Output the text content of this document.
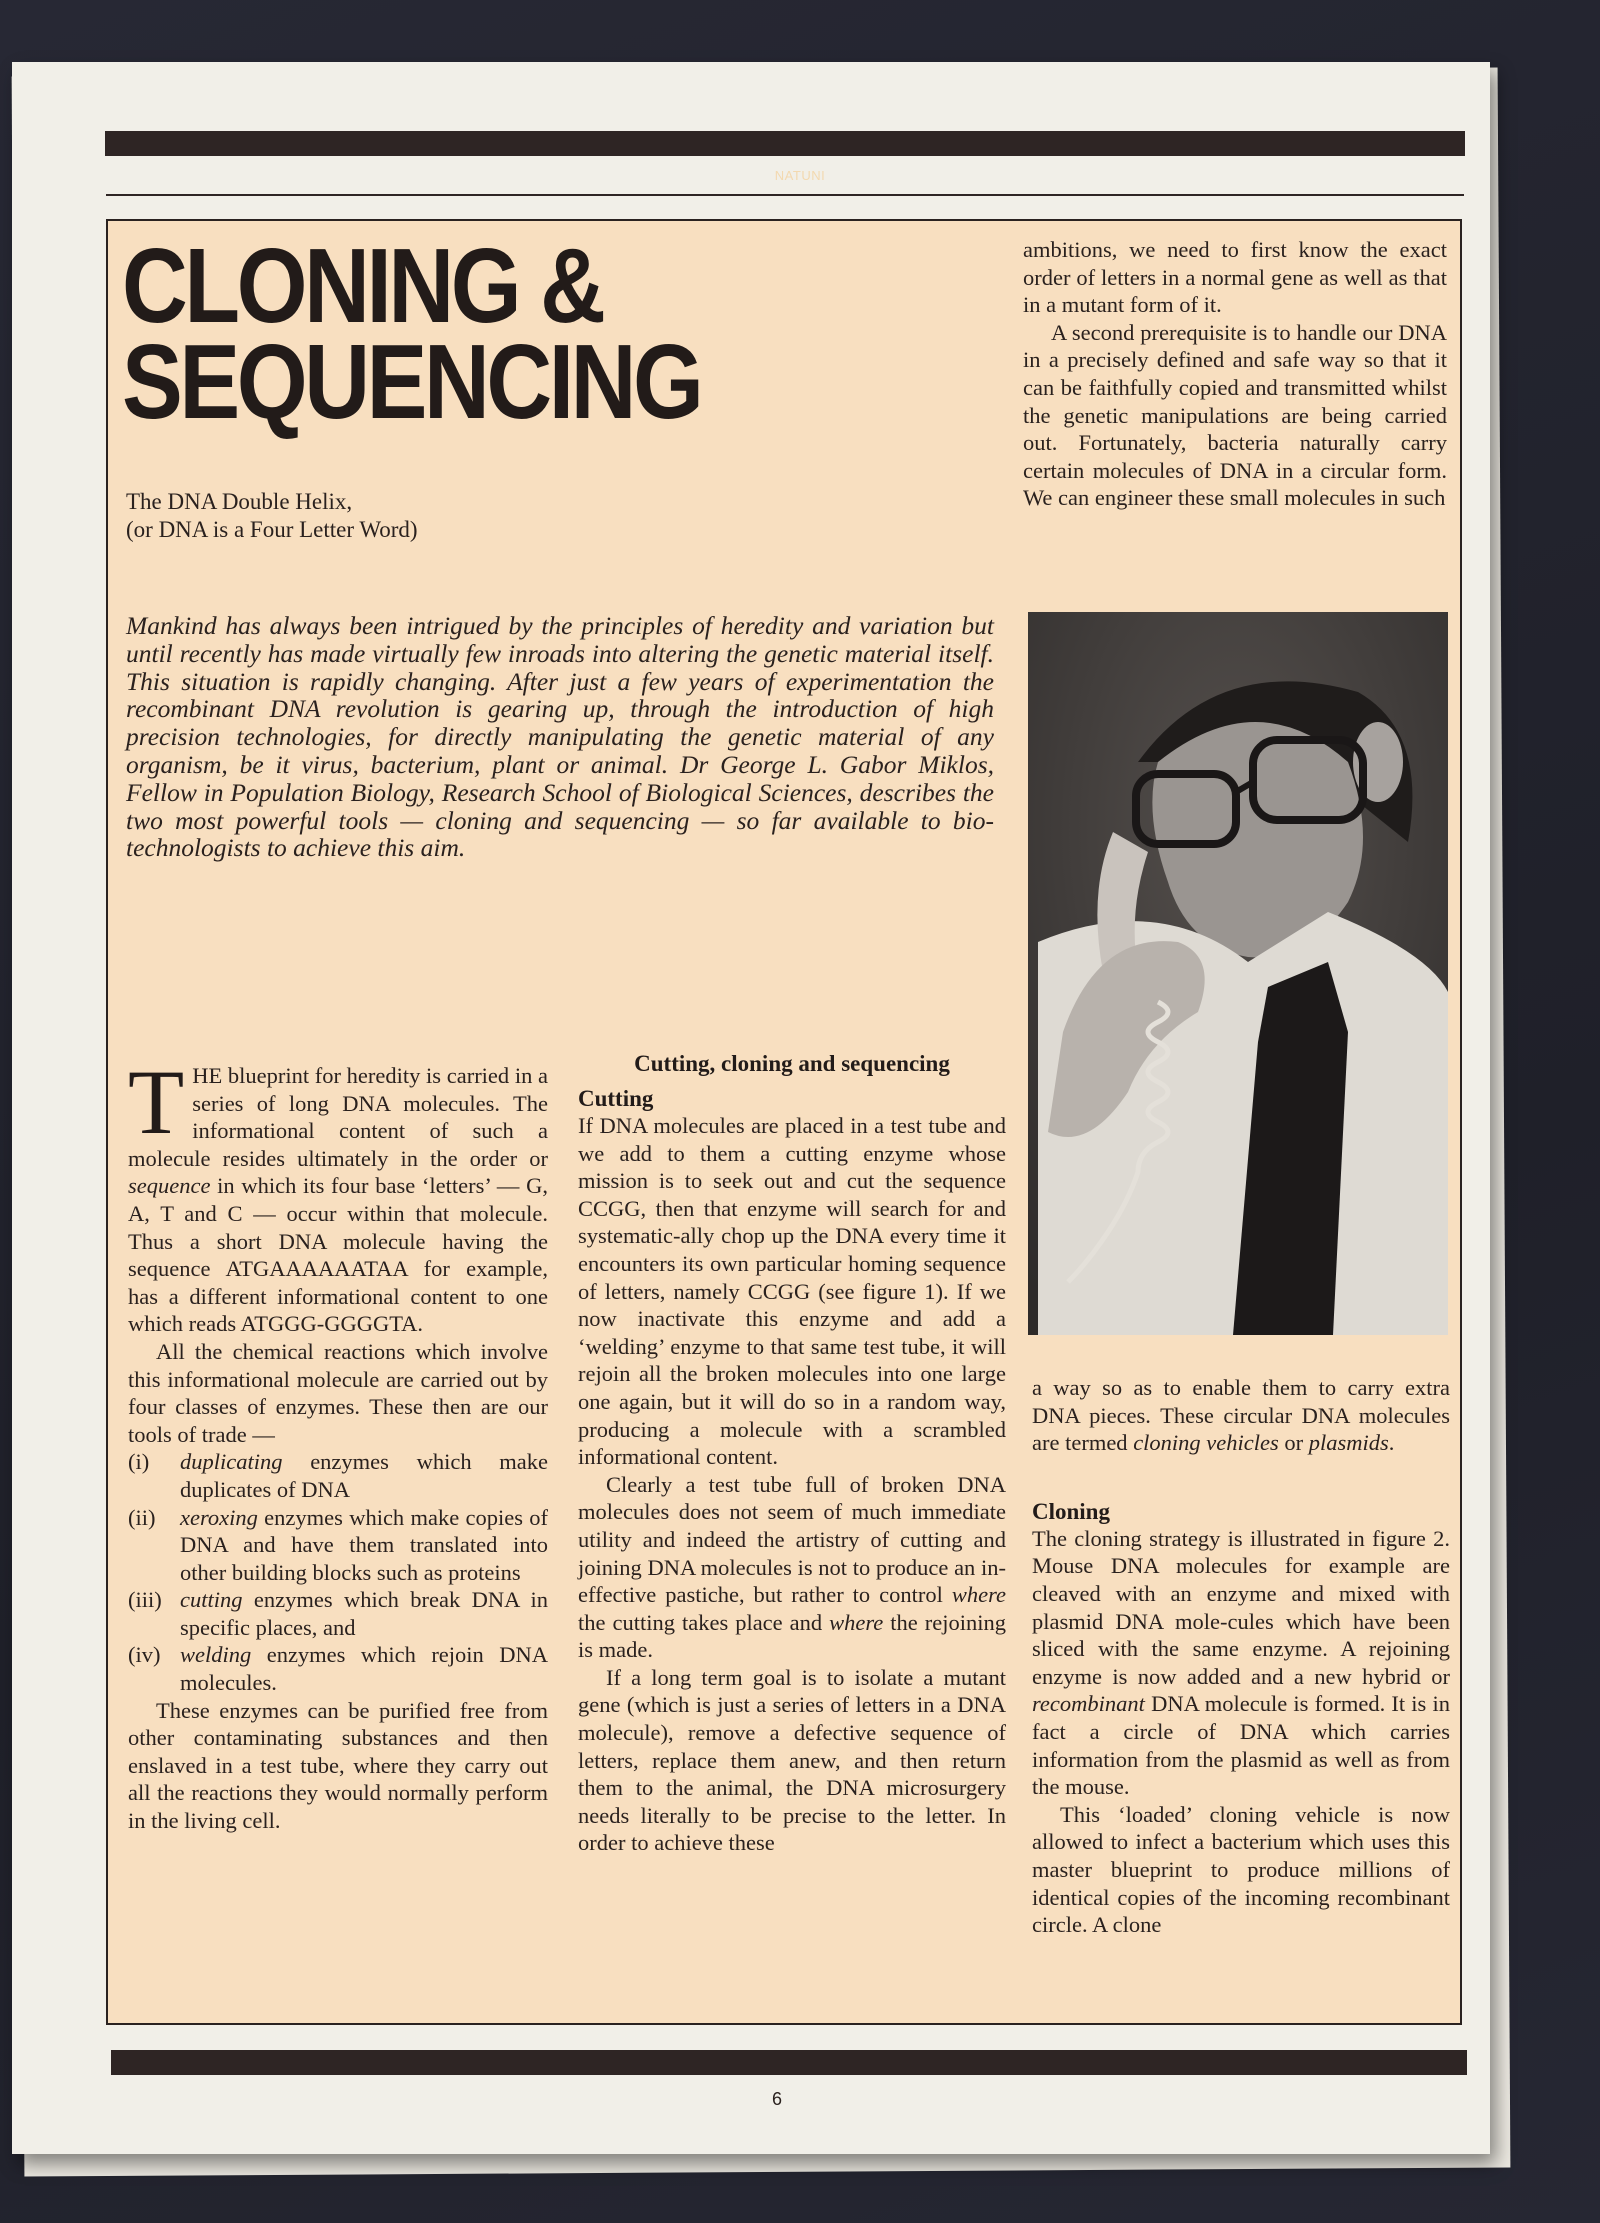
NATUNI
CLONING &
SEQUENCING
The DNA Double Helix,
(or DNA is a Four Letter Word)

ambitions, we need to first know the exact order of letters in a normal gene as well as that in a mutant form of it.

A second prerequisite is to handle our DNA in a precisely defined and safe way so that it can be faithfully copied and transmitted whilst the genetic manipulations are being carried out. Fortunately, bacteria naturally carry certain molecules of DNA in a circular form. We can engineer these small molecules in such

Mankind has always been intrigued by the principles of heredity and variation but until recently has made virtually few inroads into altering the genetic material itself. This situation is rapidly changing. After just a few years of experimentation the recombinant DNA revolution is gearing up, through the introduction of high precision technologies, for directly manipulating the genetic material of any organism, be it virus, bacterium, plant or animal. Dr George L. Gabor Miklos, Fellow in Population Biology, Research School of Biological Sciences, describes the two most powerful tools — cloning and sequencing — so far available to bio-technologists to achieve this aim.

THE blueprint for heredity is carried in a series of long DNA molecules. The informational content of such a molecule resides ultimately in the order or sequence in which its four base ‘letters’ — G, A, T and C — occur within that molecule. Thus a short DNA molecule having the sequence ATGAAAAAATAA for example, has a different informational content to one which reads ATGGG-GGGGTA.

All the chemical reactions which involve this informational molecule are carried out by four classes of enzymes. These then are our tools of trade —

(i)	duplicating enzymes which make duplicates of DNA
(ii)	xeroxing enzymes which make copies of DNA and have them translated into other building blocks such as proteins
(iii) cutting enzymes which break DNA in specific places, and
(iv) welding enzymes which rejoin DNA molecules.

These enzymes can be purified free from other contaminating substances and then enslaved in a test tube, where they carry out all the reactions they would normally perform in the living cell.

Cutting, cloning and sequencing
Cutting

If DNA molecules are placed in a test tube and we add to them a cutting enzyme whose mission is to seek out and cut the sequence CCGG, then that enzyme will search for and systematic-ally chop up the DNA every time it encounters its own particular homing sequence of letters, namely CCGG (see figure 1). If we now inactivate this enzyme and add a ‘welding’ enzyme to that same test tube, it will rejoin all the broken molecules into one large one again, but it will do so in a random way, producing a molecule with a scrambled informational content.

Clearly a test tube full of broken DNA molecules does not seem of much immediate utility and indeed the artistry of cutting and joining DNA molecules is not to produce an in-effective pastiche, but rather to control where the cutting takes place and where the rejoining is made.

If a long term goal is to isolate a mutant gene (which is just a series of letters in a DNA molecule), remove a defective sequence of letters, replace them anew, and then return them to the animal, the DNA microsurgery needs literally to be precise to the letter. In order to achieve these

a way so as to enable them to carry extra DNA pieces. These circular DNA molecules are termed cloning vehicles or plasmids.

Cloning

The cloning strategy is illustrated in figure 2. Mouse DNA molecules for example are cleaved with an enzyme and mixed with plasmid DNA mole-cules which have been sliced with the same enzyme. A rejoining enzyme is now added and a new hybrid or recombinant DNA molecule is formed. It is in fact a circle of DNA which carries information from the plasmid as well as from the mouse.

This ‘loaded’ cloning vehicle is now allowed to infect a bacterium which uses this master blueprint to produce millions of identical copies of the incoming recombinant circle. A clone

6
